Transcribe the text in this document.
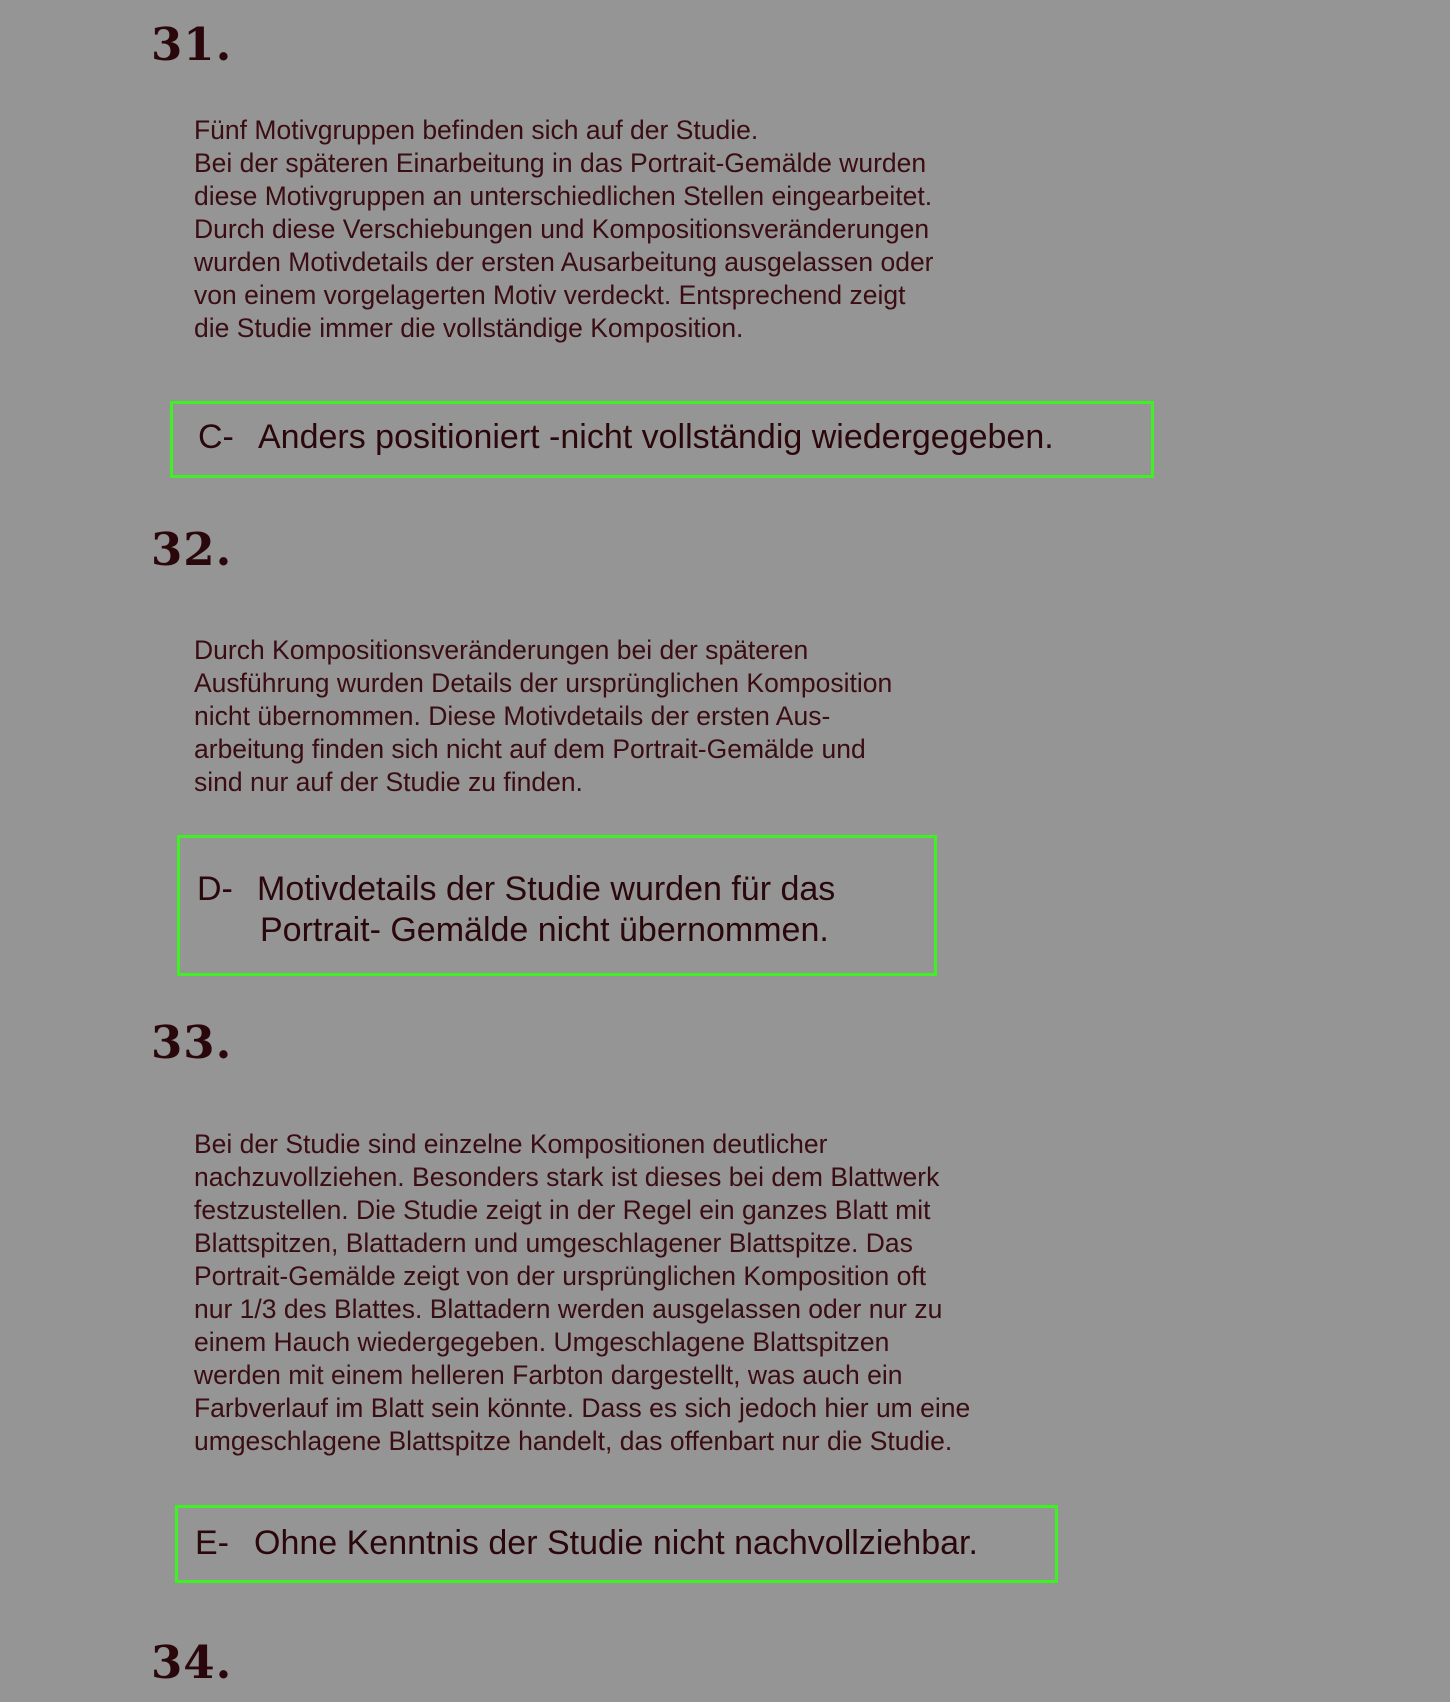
31.
Fünf Motivgruppen befinden sich auf der Studie.
Bei der späteren Einarbeitung in das Portrait-Gemälde wurden
diese Motivgruppen an unterschiedlichen Stellen eingearbeitet.
Durch diese Verschiebungen und Kompositionsveränderungen
wurden Motivdetails der ersten Ausarbeitung ausgelassen oder
von einem vorgelagerten Motiv verdeckt. Entsprechend zeigt
die Studie immer die vollständige Komposition.
C- Anders positioniert -nicht vollständig wiedergegeben.
32.
Durch Kompositionsveränderungen bei der späteren
Ausführung wurden Details der ursprünglichen Komposition
nicht übernommen. Diese Motivdetails der ersten Aus-
arbeitung finden sich nicht auf dem Portrait-Gemälde und
sind nur auf der Studie zu finden.
D- Motivdetails der Studie wurden für das
Portrait- Gemälde nicht übernommen.
33.
Bei der Studie sind einzelne Kompositionen deutlicher
nachzuvollziehen. Besonders stark ist dieses bei dem Blattwerk
festzustellen. Die Studie zeigt in der Regel ein ganzes Blatt mit
Blattspitzen, Blattadern und umgeschlagener Blattspitze. Das
Portrait-Gemälde zeigt von der ursprünglichen Komposition oft
nur 1/3 des Blattes. Blattadern werden ausgelassen oder nur zu
einem Hauch wiedergegeben. Umgeschlagene Blattspitzen
werden mit einem helleren Farbton dargestellt, was auch ein
Farbverlauf im Blatt sein könnte. Dass es sich jedoch hier um eine
umgeschlagene Blattspitze handelt, das offenbart nur die Studie.
E- Ohne Kenntnis der Studie nicht nachvollziehbar.
34.
